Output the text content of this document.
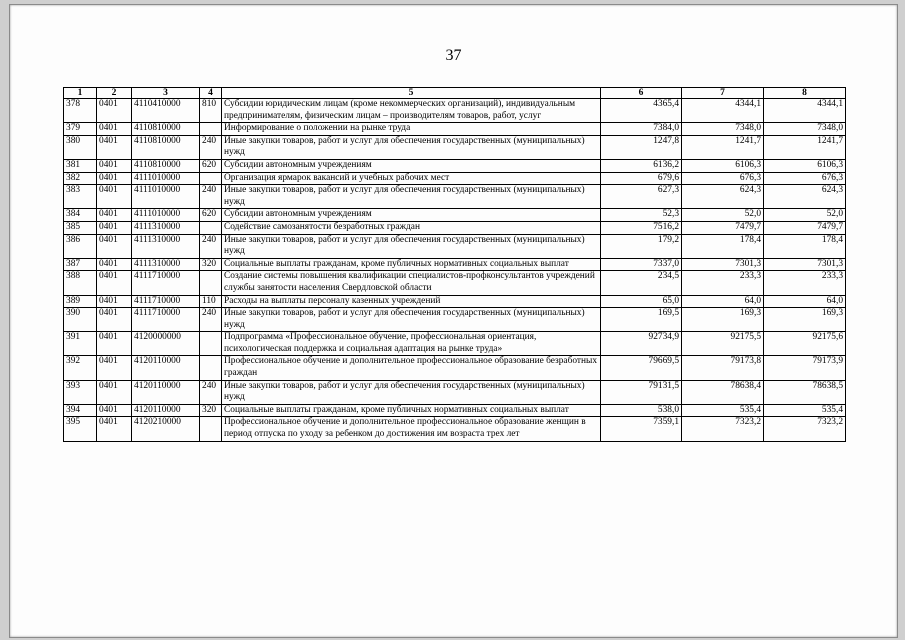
37
1	2	3	4	5	6	7	8
378	0401	4110410000	810	Субсидии юридическим лицам (кроме некоммерческих организаций), индивидуальным предпринимателям, физическим лицам – производителям товаров, работ, услуг	4365,4	4344,1	4344,1
379	0401	4110810000		Информирование о положении на рынке труда	7384,0	7348,0	7348,0
380	0401	4110810000	240	Иные закупки товаров, работ и услуг для обеспечения государственных (муниципальных) нужд	1247,8	1241,7	1241,7
381	0401	4110810000	620	Субсидии автономным учреждениям	6136,2	6106,3	6106,3
382	0401	4111010000		Организация ярмарок вакансий и учебных рабочих мест	679,6	676,3	676,3
383	0401	4111010000	240	Иные закупки товаров, работ и услуг для обеспечения государственных (муниципальных) нужд	627,3	624,3	624,3
384	0401	4111010000	620	Субсидии автономным учреждениям	52,3	52,0	52,0
385	0401	4111310000		Содействие самозанятости безработных граждан	7516,2	7479,7	7479,7
386	0401	4111310000	240	Иные закупки товаров, работ и услуг для обеспечения государственных (муниципальных) нужд	179,2	178,4	178,4
387	0401	4111310000	320	Социальные выплаты гражданам, кроме публичных нормативных социальных выплат	7337,0	7301,3	7301,3
388	0401	4111710000		Создание системы повышения квалификации специалистов-профконсультантов учреждений службы занятости населения Свердловской области	234,5	233,3	233,3
389	0401	4111710000	110	Расходы на выплаты персоналу казенных учреждений	65,0	64,0	64,0
390	0401	4111710000	240	Иные закупки товаров, работ и услуг для обеспечения государственных (муниципальных) нужд	169,5	169,3	169,3
391	0401	4120000000		Подпрограмма «Профессиональное обучение, профессиональная ориентация, психологическая поддержка и социальная адаптация на рынке труда»	92734,9	92175,5	92175,6
392	0401	4120110000		Профессиональное обучение и дополнительное профессиональное образование безработных граждан	79669,5	79173,8	79173,9
393	0401	4120110000	240	Иные закупки товаров, работ и услуг для обеспечения государственных (муниципальных) нужд	79131,5	78638,4	78638,5
394	0401	4120110000	320	Социальные выплаты гражданам, кроме публичных нормативных социальных выплат	538,0	535,4	535,4
395	0401	4120210000		Профессиональное обучение и дополнительное профессиональное образование женщин в период отпуска по уходу за ребенком до достижения им возраста трех лет	7359,1	7323,2	7323,2
